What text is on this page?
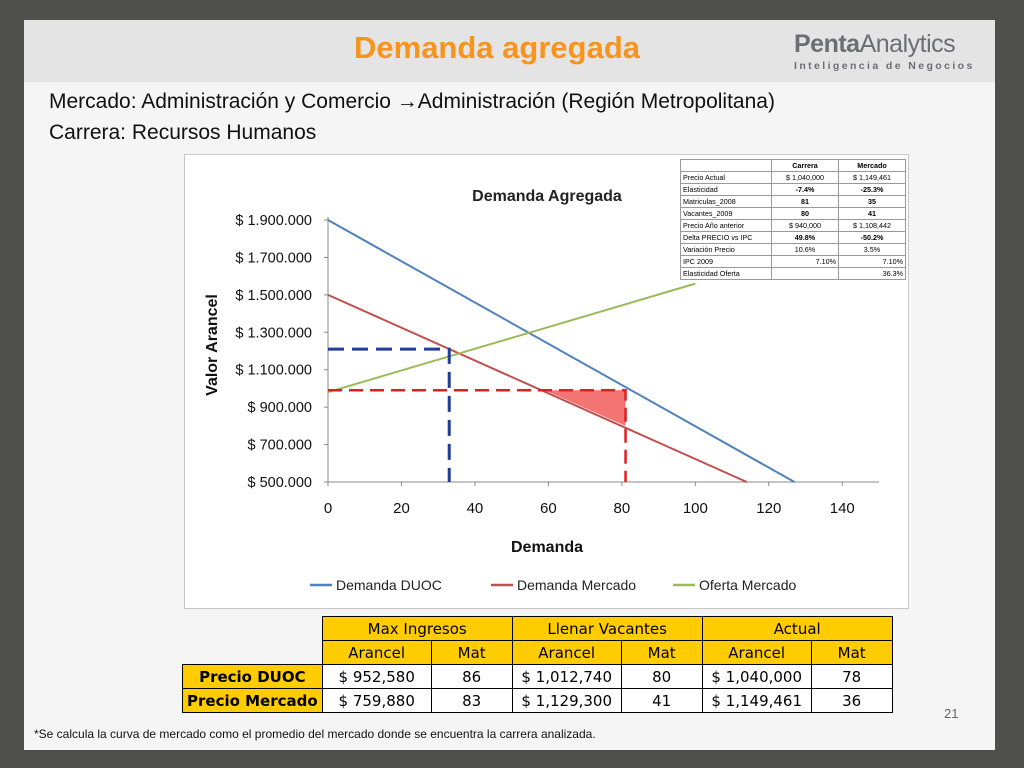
Demanda agregada	PentaAnalytics
Inteligencia de Negocios
Mercado: Administración y Comercio →Administración (Región Metropolitana)
Carrera: Recursos Humanos
Demanda Agregada
$ 500.000
$ 700.000
$ 900.000
$ 1.100.000
$ 1.300.000
$ 1.500.000
$ 1.700.000
$ 1.900.000
0	20	40	60	80	100	120	140
Demanda
Valor Arancel
Demanda DUOC	Demanda Mercado	Oferta Mercado
	Carrera	Mercado
Precio Actual	$ 1,040,000	$ 1,149,461
Elasticidad	-7.4%	-25.3%
Matriculas_2008	81	35
Vacantes_2009	80	41
Precio Año anterior	$ 940,000	$ 1,108,442
Delta PRECIO vs IPC	49.8%	-50.2%
Variación Precio	10.6%	3.5%
IPC 2009	7.10%	7.10%
Elasticidad Oferta		36.3%
	Max Ingresos		Llenar Vacantes		Actual	
	Arancel	Mat	Arancel	Mat	Arancel	Mat
Precio DUOC	$ 952,580	86	$ 1,012,740	80	$ 1,040,000	78
Precio Mercado	$ 759,880	83	$ 1,129,300	41	$ 1,149,461	36
*Se calcula la curva de mercado como el promedio del mercado donde se encuentra la carrera analizada.
21
